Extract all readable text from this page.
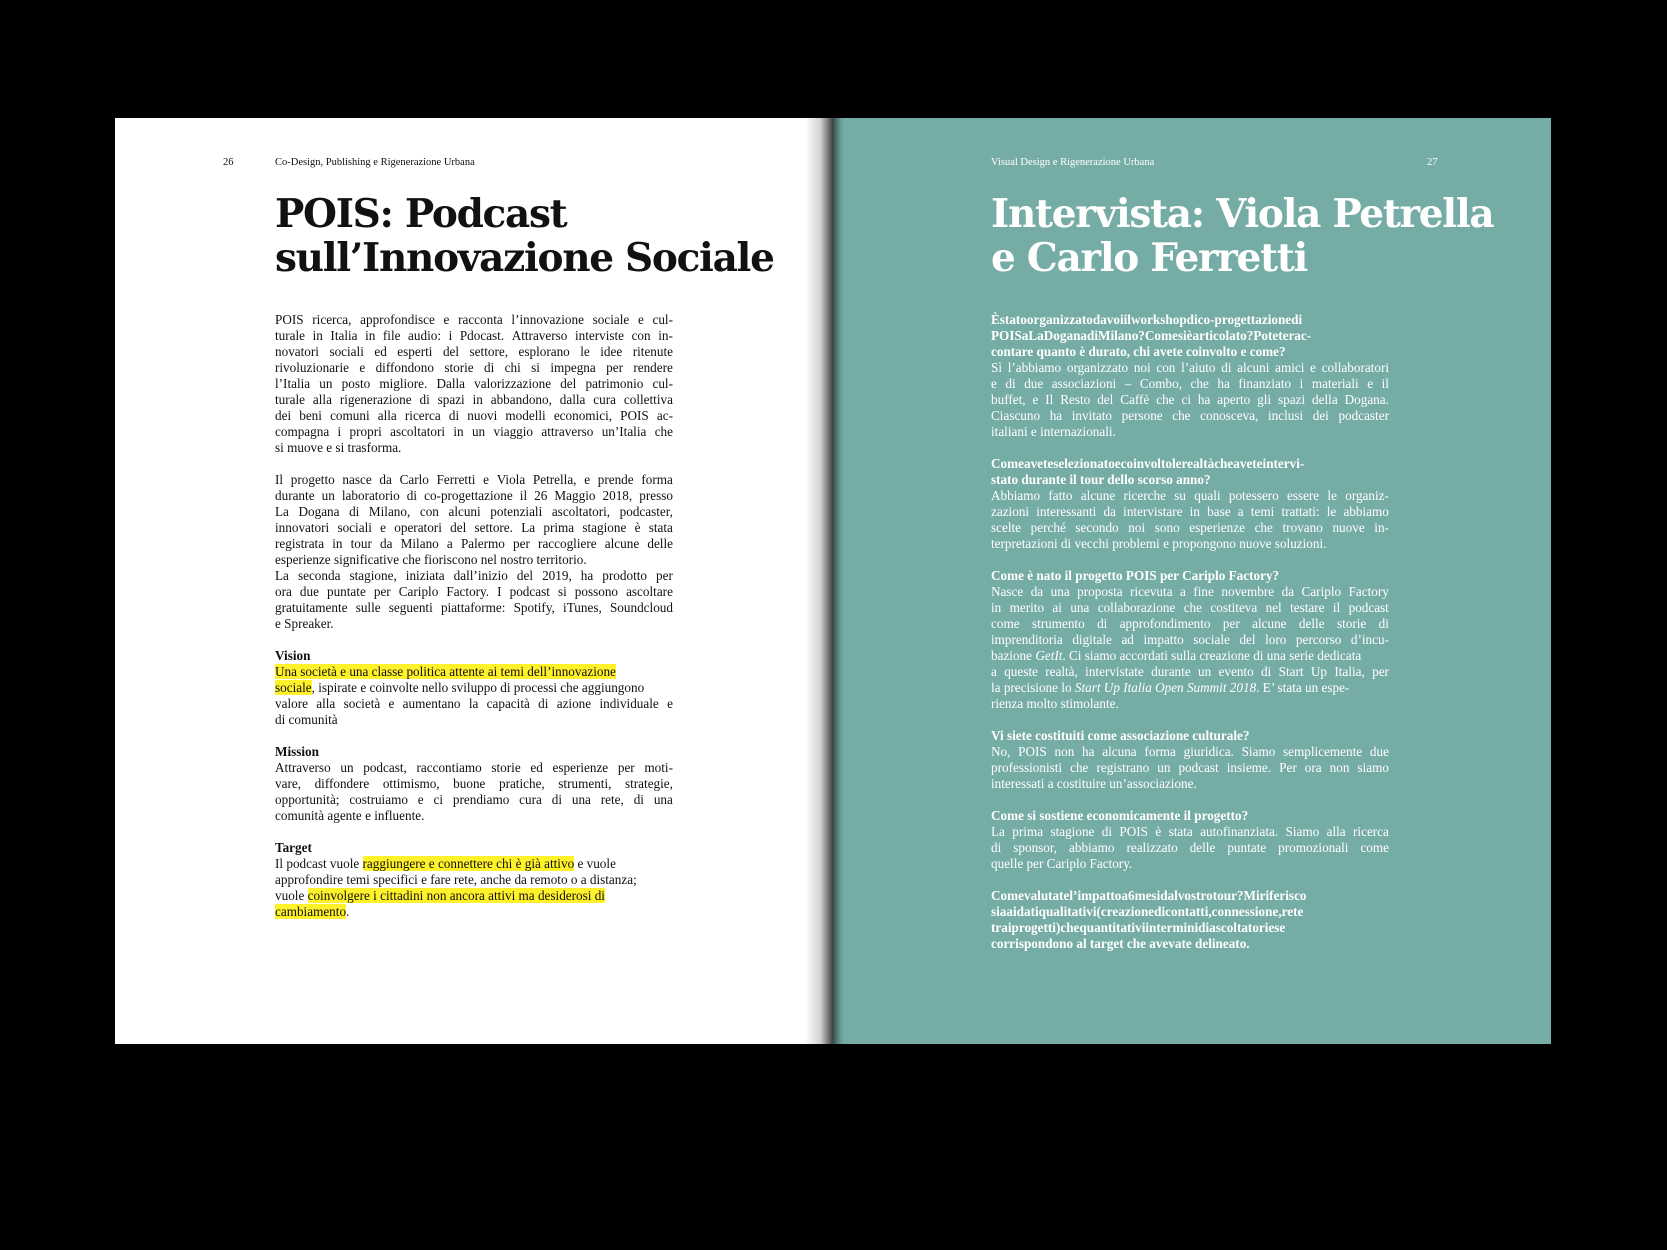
26	Co-Design, Publishing e Rigenerazione Urbana
POIS: Podcast
sull’Innovazione Sociale
POIS ricerca, approfondisce e racconta l’innovazione sociale e cul-
turale in Italia in file audio: i Pdocast. Attraverso interviste con in-
novatori sociali ed esperti del settore, esplorano le idee ritenute
rivoluzionarie e diffondono storie di chi si impegna per rendere
l’Italia un posto migliore. Dalla valorizzazione del patrimonio cul-
turale alla rigenerazione di spazi in abbandono, dalla cura collettiva
dei beni comuni alla ricerca di nuovi modelli economici, POIS ac-
compagna i propri ascoltatori in un viaggio attraverso un’Italia che
si muove e si trasforma.
Il progetto nasce da Carlo Ferretti e Viola Petrella, e prende forma
durante un laboratorio di co-progettazione il 26 Maggio 2018, presso
La Dogana di Milano, con alcuni potenziali ascoltatori, podcaster,
innovatori sociali e operatori del settore. La prima stagione è stata
registrata in tour da Milano a Palermo per raccogliere alcune delle
esperienze significative che fioriscono nel nostro territorio.
La seconda stagione, iniziata dall’inizio del 2019, ha prodotto per
ora due puntate per Cariplo Factory. I podcast si possono ascoltare
gratuitamente sulle seguenti piattaforme: Spotify, iTunes, Soundcloud
e Spreaker.
Vision
Una società e una classe politica attente ai temi dell’innovazione
sociale, ispirate e coinvolte nello sviluppo di processi che aggiungono
valore alla società e aumentano la capacità di azione individuale e
di comunità
Mission
Attraverso un podcast, raccontiamo storie ed esperienze per moti-
vare, diffondere ottimismo, buone pratiche, strumenti, strategie,
opportunità; costruiamo e ci prendiamo cura di una rete, di una
comunità agente e influente.
Target
Il podcast vuole raggiungere e connettere chi è già attivo e vuole
approfondire temi specifici e fare rete, anche da remoto o a distanza;
vuole coinvolgere i cittadini non ancora attivi ma desiderosi di
cambiamento.
Visual Design e Rigenerazione Urbana	27
Intervista: Viola Petrella
e Carlo Ferretti
Èstatoorganizzatodavoiilworkshopdico-progettazionedi
POISaLaDoganadiMilano?Comesièarticolato?Poteterac-
contare quanto è durato, chi avete coinvolto e come?
Sì l’abbiamo organizzato noi con l’aiuto di alcuni amici e collaboratori
e di due associazioni – Combo, che ha finanziato i materiali e il
buffet, e Il Resto del Caffè che ci ha aperto gli spazi della Dogana.
Ciascuno ha invitato persone che conosceva, inclusi dei podcaster
italiani e internazionali.
Comeaveteselezionatoecoinvoltolerealtàcheaveteintervi-
stato durante il tour dello scorso anno?
Abbiamo fatto alcune ricerche su quali potessero essere le organiz-
zazioni interessanti da intervistare in base a temi trattati: le abbiamo
scelte perché secondo noi sono esperienze che trovano nuove in-
terpretazioni di vecchi problemi e propongono nuove soluzioni.
Come è nato il progetto POIS per Cariplo Factory?
Nasce da una proposta ricevuta a fine novembre da Cariplo Factory
in merito ai una collaborazione che costiteva nel testare il podcast
come strumento di approfondimento per alcune delle storie di
imprenditoria digitale ad impatto sociale del loro percorso d’incu-
bazione GetIt. Ci siamo accordati sulla creazione di una serie dedicata
a queste realtà, intervistate durante un evento di Start Up Italia, per
la precisione lo Start Up Italia Open Summit 2018. E’ stata un espe-
rienza molto stimolante.
Vi siete costituiti come associazione culturale?
No, POIS non ha alcuna forma giuridica. Siamo semplicemente due
professionisti che registrano un podcast insieme. Per ora non siamo
interessati a costituire un’associazione.
Come si sostiene economicamente il progetto?
La prima stagione di POIS è stata autofinanziata. Siamo alla ricerca
di sponsor, abbiamo realizzato delle puntate promozionali come
quelle per Cariplo Factory.
Comevalutatel’impattoa6mesidalvostrotour?Miriferisco
siaaidatiqualitativi(creazionedicontatti,connessione,rete
traiprogetti)chequantitativiinterminidiascoltatoriese
corrispondono al target che avevate delineato.
